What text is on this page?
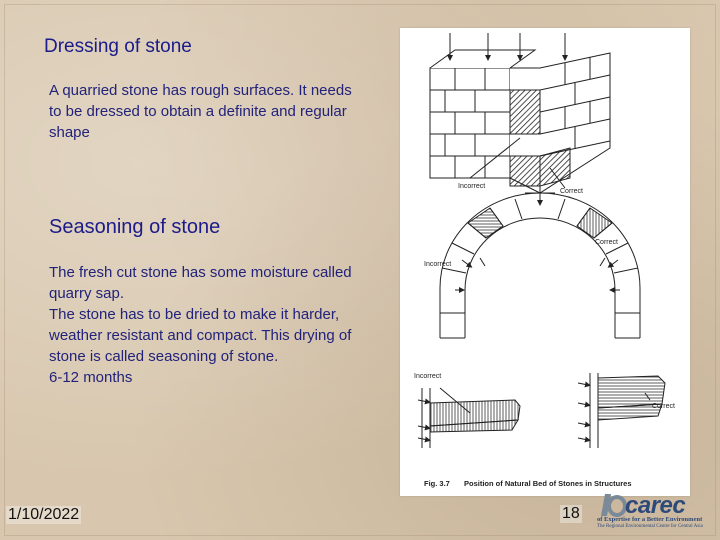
Dressing of stone
A quarried stone has rough surfaces. It needs
to be dressed to obtain a definite and regular
shape
Seasoning of stone
The fresh cut stone has some moisture called
quarry sap.
The stone has to be dried to make it harder,
weather resistant and compact. This drying of
stone is called seasoning of stone.
6-12 months
Incorrect
Correct
Incorrect
Correct
Incorrect
Correct
Fig. 3.7 Position of Natural Bed of Stones in Structures
1/10/2022	18 carec
of Expertise for a Better Environment
The Regional Environmental Centre for Central Asia
